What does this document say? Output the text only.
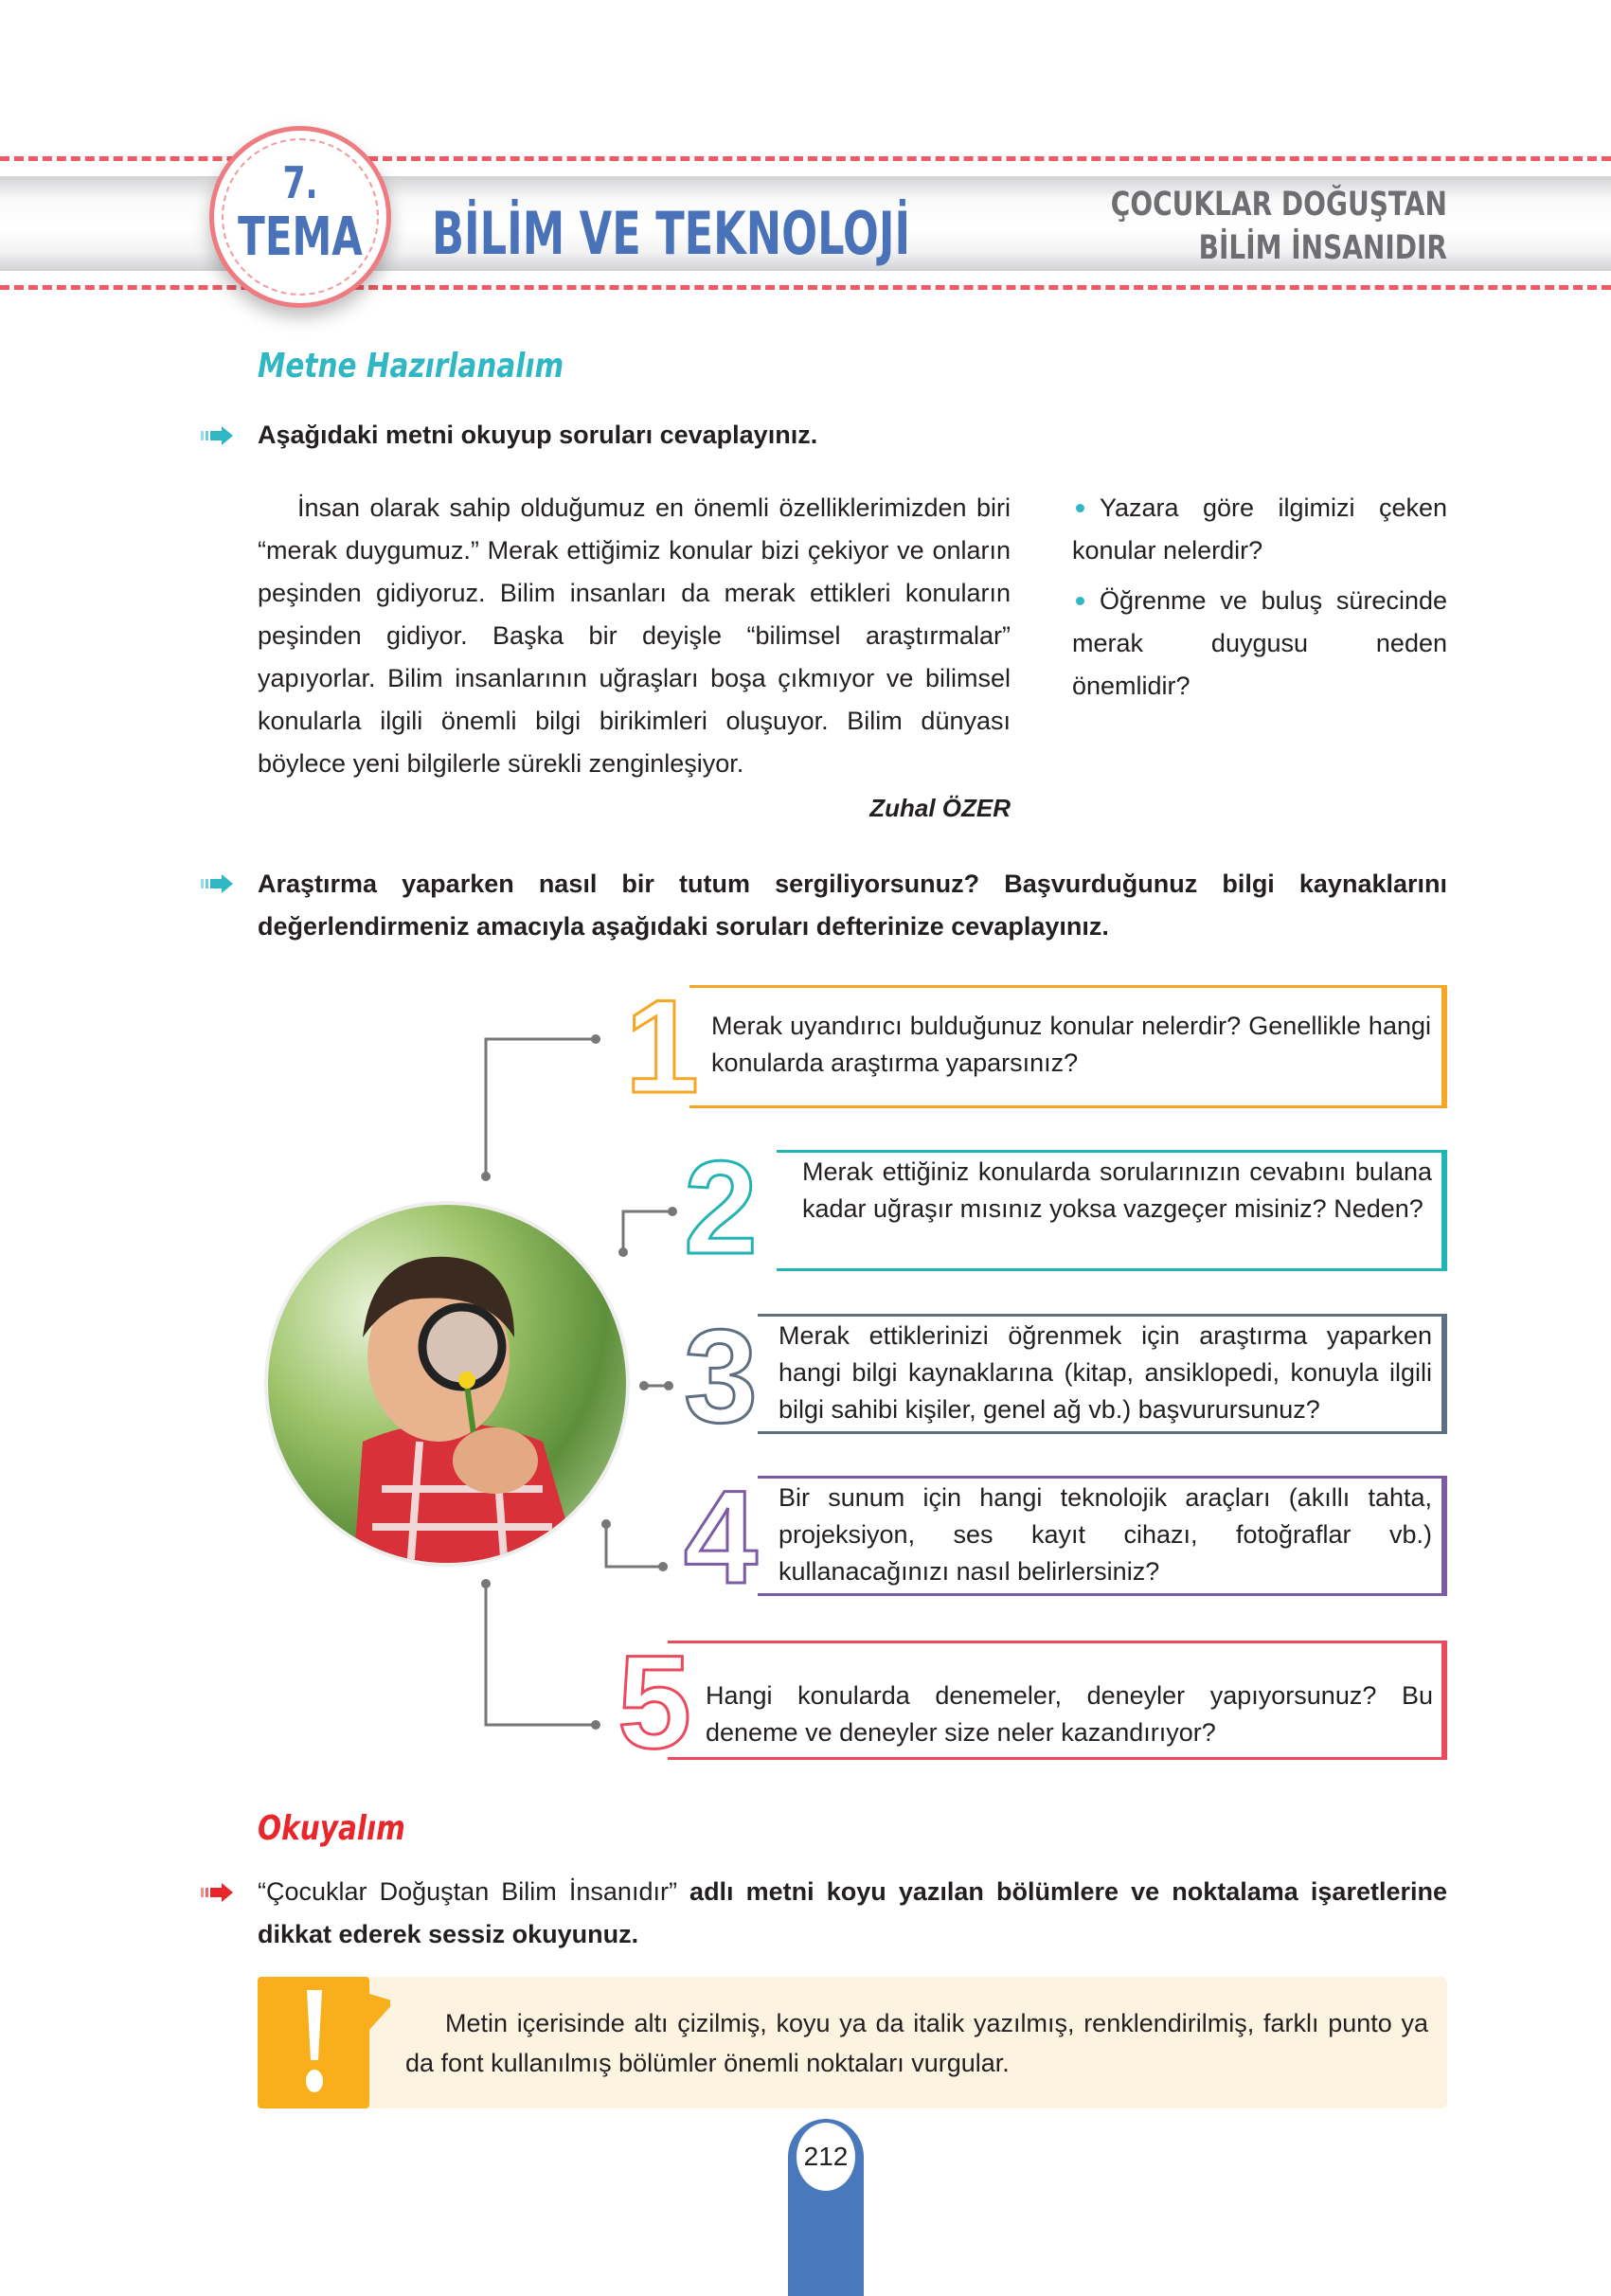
7.
TEMA BİLİM VE TEKNOLOJİ	ÇOCUKLAR DOĞUŞTAN
BİLİM İNSANIDIR
Metne Hazırlanalım
Aşağıdaki metni okuyup soruları cevaplayınız.
İnsan olarak sahip olduğumuz en önemli özelliklerimizden biri “merak duygumuz.” Merak ettiğimiz konular bizi çekiyor ve onların peşinden gidiyoruz. Bilim insanları da merak ettikleri konuların peşinden gidiyor. Başka bir deyişle “bilimsel araştırmalar” yapıyorlar. Bilim insanlarının uğraşları boşa çıkmıyor ve bilimsel konularla ilgili önemli bilgi birikimleri oluşuyor. Bilim dünyası böylece yeni bilgilerle sürekli zenginleşiyor.
Zuhal ÖZER

Yazara göre ilgimizi çeken konular nelerdir?

Öğrenme ve buluş sürecinde merak duygusu neden önemlidir?

Araştırma yaparken nasıl bir tutum sergiliyorsunuz? Başvurduğunuz bilgi kaynaklarını değerlendirmeniz amacıyla aşağıdaki soruları defterinize cevaplayınız.
1 Merak uyandırıcı bulduğunuz konular nelerdir? Genellikle hangi konularda araştırma yaparsınız?
2 Merak ettiğiniz konularda sorularınızın cevabını bulana kadar uğraşır mısınız yoksa vazgeçer misiniz? Neden?
3 Merak ettiklerinizi öğrenmek için araştırma yaparken hangi bilgi kaynaklarına (kitap, ansiklopedi, konuyla ilgili bilgi sahibi kişiler, genel ağ vb.) başvurursunuz?
4 Bir sunum için hangi teknolojik araçları (akıllı tahta, projeksiyon, ses kayıt cihazı, fotoğraflar vb.) kullanacağınızı nasıl belirlersiniz?
5 Hangi konularda denemeler, deneyler yapıyorsunuz? Bu deneme ve deneyler size neler kazandırıyor?
Okuyalım
“Çocuklar Doğuştan Bilim İnsanıdır” adlı metni koyu yazılan bölümlere ve noktalama işaretlerine dikkat ederek sessiz okuyunuz.
Metin içerisinde altı çizilmiş, koyu ya da italik yazılmış, renklendirilmiş, farklı punto ya da font kullanılmış bölümler önemli noktaları vurgular.
212
